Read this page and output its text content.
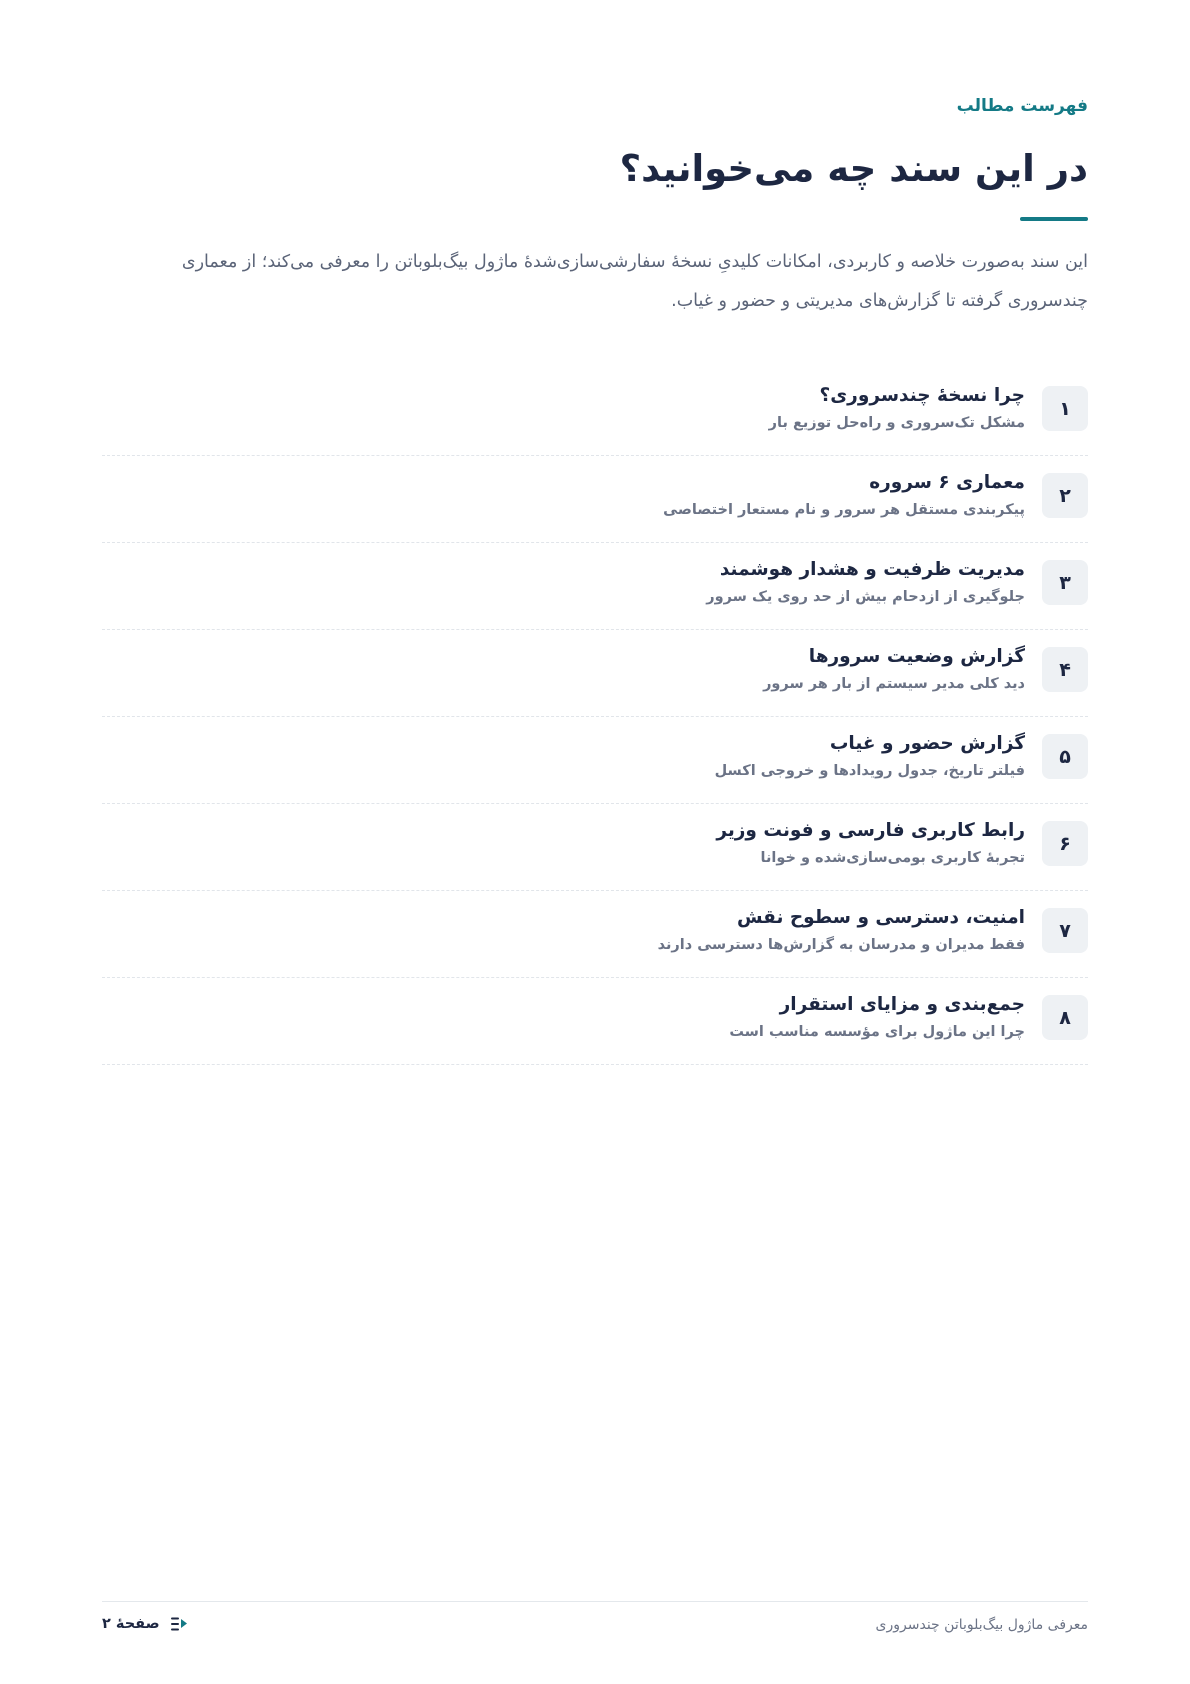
فهرست مطالب
در این سند چه می‌خوانید؟

این سند به‌صورت خلاصه و کاربردی، امکانات کلیدیِ نسخهٔ سفارشی‌سازی‌شدهٔ ماژول بیگ‌بلوباتن را معرفی می‌کند؛ از معماری چندسروری گرفته تا گزارش‌های مدیریتی و حضور و غیاب.

۱
چرا نسخهٔ چندسروری؟
مشکل تک‌سروری و راه‌حل توزیع بار
۲
معماری ۶ سروره
پیکربندی مستقل هر سرور و نام مستعار اختصاصی
۳
مدیریت ظرفیت و هشدار هوشمند
جلوگیری از ازدحام بیش از حد روی یک سرور
۴
گزارش وضعیت سرورها
دید کلی مدیر سیستم از بار هر سرور
۵
گزارش حضور و غیاب
فیلتر تاریخ، جدول رویدادها و خروجی اکسل
۶
رابط کاربری فارسی و فونت وزیر
تجربهٔ کاربری بومی‌سازی‌شده و خوانا
۷
امنیت، دسترسی و سطوح نقش
فقط مدیران و مدرسان به گزارش‌ها دسترسی دارند
۸
جمع‌بندی و مزایای استقرار
چرا این ماژول برای مؤسسه مناسب است
معرفی ماژول بیگ‌بلوباتن چندسروری
صفحهٔ ۲
